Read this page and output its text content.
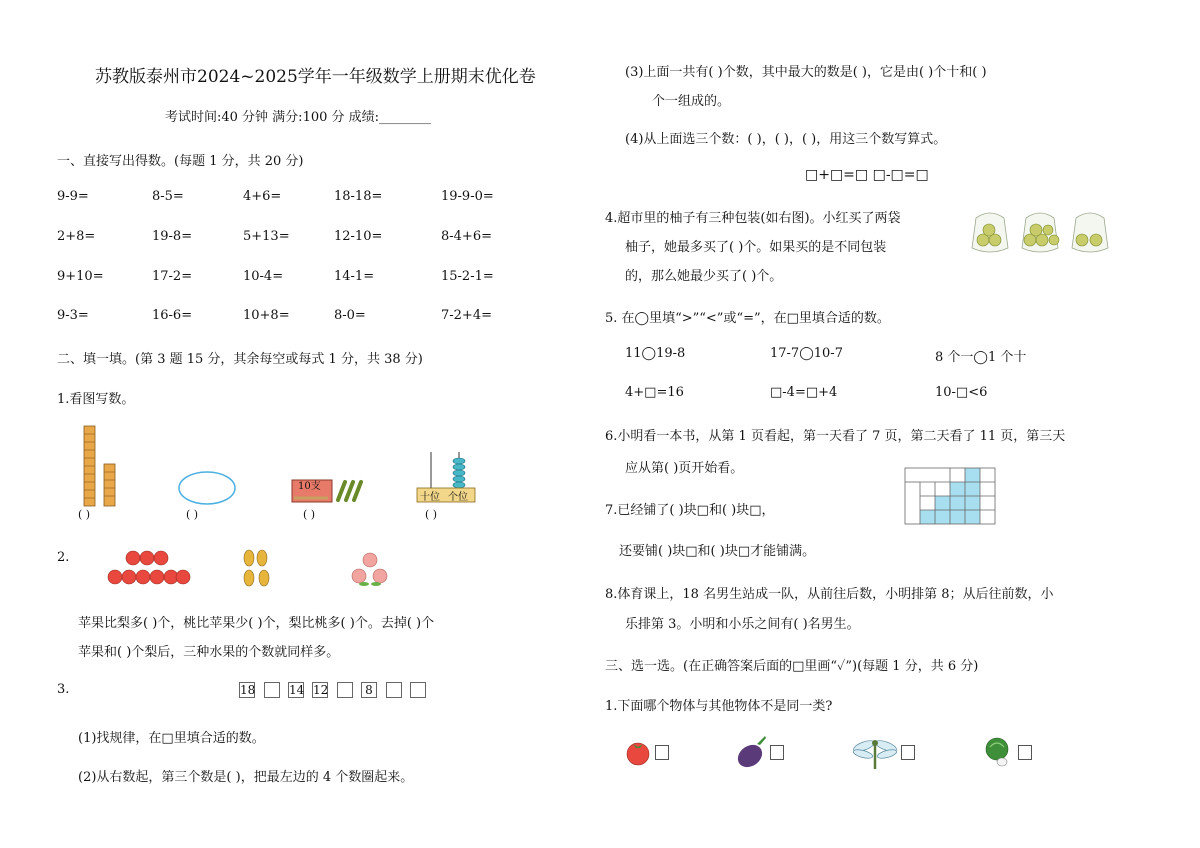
苏教版泰州市2024~2025学年一年级数学上册期末优化卷
考试时间:40 分钟 满分:100 分 成绩:________
一、直接写出得数。(每题 1 分，共 20 分)
9-9=	8-5=	4+6=	18-18=	19-9-0=
2+8=	19-8=	5+13=	12-10=	8-4+6=
9+10=	17-2=	10-4=	14-1=	15-2-1=
9-3=	16-6=	10+8=	8-0=	7-2+4=
二、填一填。(第 3 题 15 分，其余每空或每式 1 分，共 38 分)
1.看图写数。
10支
十位 个位
( )	( )	( )	( )
2.
苹果比梨多( )个，桃比苹果少( )个，梨比桃多( )个。去掉( )个
苹果和( )个梨后，三种水果的个数就同样多。
3.	18	14 12	8
(1)找规律，在□里填合适的数。
(2)从右数起，第三个数是( )，把最左边的 4 个数圈起来。
(3)上面一共有( )个数，其中最大的数是( )，它是由( )个十和( )
个一组成的。
(4)从上面选三个数：( )，( )，( )，用这三个数写算式。
□+□=□ □-□=□
4.超市里的柚子有三种包装(如右图)。小红买了两袋
柚子，她最多买了( )个。如果买的是不同包装
的，那么她最少买了( )个。
5. 在◯里填“>”“<”或“=”，在□里填合适的数。
11◯19-8	17-7◯10-7	8 个一◯1 个十
4+□=16	□-4=□+4	10-□<6
6.小明看一本书，从第 1 页看起，第一天看了 7 页，第二天看了 11 页，第三天
应从第( )页开始看。
7.已经铺了( )块□和( )块□，
还要铺( )块□和( )块□才能铺满。
8.体育课上，18 名男生站成一队，从前往后数，小明排第 8；从后往前数，小
乐排第 3。小明和小乐之间有( )名男生。
三、选一选。(在正确答案后面的□里画“✓”)(每题 1 分，共 6 分)
1.下面哪个物体与其他物体不是同一类?
